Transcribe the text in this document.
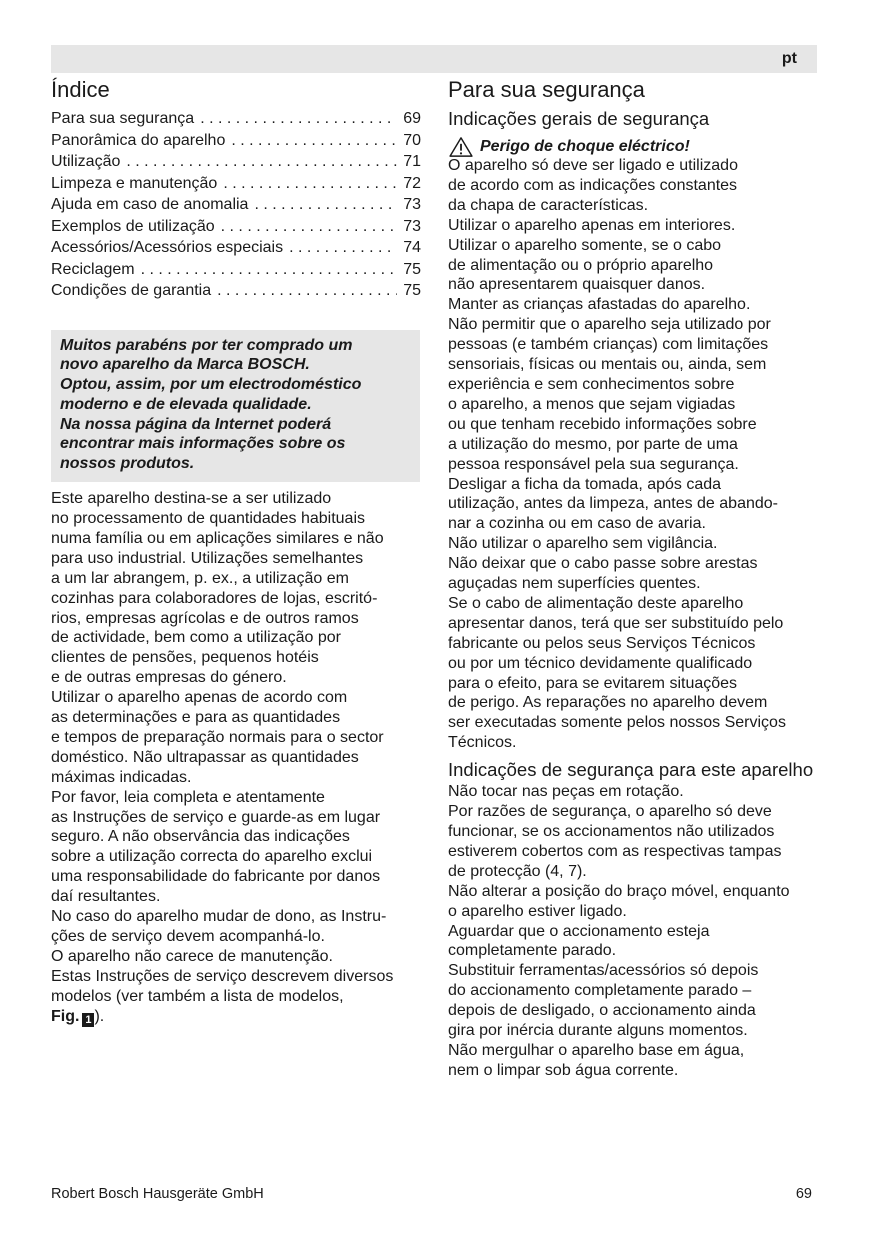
pt
Índice
Para sua segurança . . .	69
Panorâmica do aparelho . . .	70
Utilização . . .	71
Limpeza e manutenção . . .	72
Ajuda em caso de anomalia . . .	73
Exemplos de utilização . . .	73
Acessórios/Acessórios especiais . . .	74
Reciclagem . . .	75
Condições de garantia . . .	75

Muitos parabéns por ter comprado um

novo aparelho da Marca BOSCH.

Optou, assim, por um electrodoméstico

moderno e de elevada qualidade.

Na nossa página da Internet poderá

encontrar mais informações sobre os

nossos produtos.

Este aparelho destina-se a ser utilizado

no processamento de quantidades habituais

numa família ou em aplicações similares e não

para uso industrial. Utilizações semelhantes

a um lar abrangem, p. ex., a utilização em

cozinhas para colaboradores de lojas, escritó-

rios, empresas agrícolas e de outros ramos

de actividade, bem como a utilização por

clientes de pensões, pequenos hotéis

e de outras empresas do género.

Utilizar o aparelho apenas de acordo com

as determinações e para as quantidades

e tempos de preparação normais para o sector

doméstico. Não ultrapassar as quantidades

máximas indicadas.

Por favor, leia completa e atentamente

as Instruções de serviço e guarde-as em lugar

seguro. A não observância das indicações

sobre a utilização correcta do aparelho exclui

uma responsabilidade do fabricante por danos

daí resultantes.

No caso do aparelho mudar de dono, as Instru-

ções de serviço devem acompanhá-lo.

O aparelho não carece de manutenção.

Estas Instruções de serviço descrevem diversos

modelos (ver também a lista de modelos,

Fig. 1 ).

Para sua segurança
Indicações gerais de segurança
Perigo de choque eléctrico!

O aparelho só deve ser ligado e utilizado

de acordo com as indicações constantes

da chapa de características.

Utilizar o aparelho apenas em interiores.

Utilizar o aparelho somente, se o cabo

de alimentação ou o próprio aparelho

não apresentarem quaisquer danos.

Manter as crianças afastadas do aparelho.

Não permitir que o aparelho seja utilizado por

pessoas (e também crianças) com limitações

sensoriais, físicas ou mentais ou, ainda, sem

experiência e sem conhecimentos sobre

o aparelho, a menos que sejam vigiadas

ou que tenham recebido informações sobre

a utilização do mesmo, por parte de uma

pessoa responsável pela sua segurança.

Desligar a ficha da tomada, após cada

utilização, antes da limpeza, antes de abando-

nar a cozinha ou em caso de avaria.

Não utilizar o aparelho sem vigilância.

Não deixar que o cabo passe sobre arestas

aguçadas nem superfícies quentes.

Se o cabo de alimentação deste aparelho

apresentar danos, terá que ser substituído pelo

fabricante ou pelos seus Serviços Técnicos

ou por um técnico devidamente qualificado

para o efeito, para se evitarem situações

de perigo. As reparações no aparelho devem

ser executadas somente pelos nossos Serviços

Técnicos.

Indicações de segurança para este aparelho

Não tocar nas peças em rotação.

Por razões de segurança, o aparelho só deve

funcionar, se os accionamentos não utilizados

estiverem cobertos com as respectivas tampas

de protecção (4, 7).

Não alterar a posição do braço móvel, enquanto

o aparelho estiver ligado.

Aguardar que o accionamento esteja

completamente parado.

Substituir ferramentas/acessórios só depois

do accionamento completamente parado –

depois de desligado, o accionamento ainda

gira por inércia durante alguns momentos.

Não mergulhar o aparelho base em água,

nem o limpar sob água corrente.

Robert Bosch Hausgeräte GmbH	69
